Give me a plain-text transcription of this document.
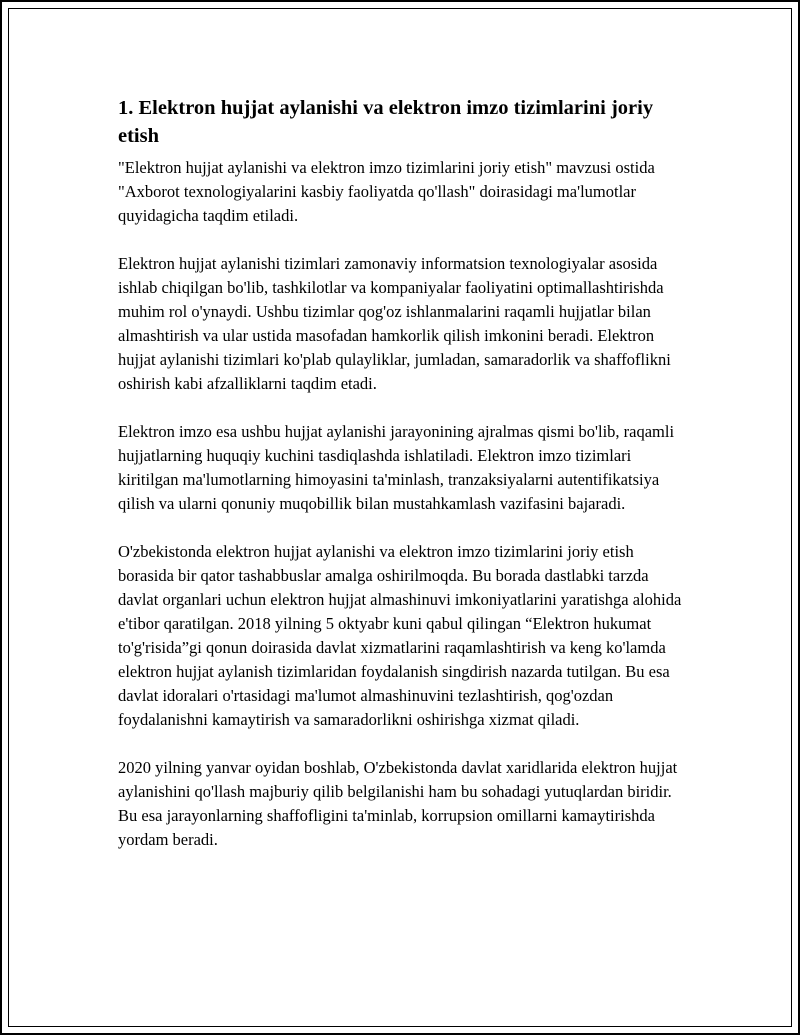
1. Elektron hujjat aylanishi va elektron imzo tizimlarini joriy etish

"Elektron hujjat aylanishi va elektron imzo tizimlarini joriy etish" mavzusi ostida "Axborot texnologiyalarini kasbiy faoliyatda qo'llash" doirasidagi ma'lumotlar quyidagicha taqdim etiladi.

Elektron hujjat aylanishi tizimlari zamonaviy informatsion texnologiyalar asosida ishlab chiqilgan bo'lib, tashkilotlar va kompaniyalar faoliyatini optimallashtirishda muhim rol o'ynaydi. Ushbu tizimlar qog'oz ishlanmalarini raqamli hujjatlar bilan almashtirish va ular ustida masofadan hamkorlik qilish imkonini beradi. Elektron hujjat aylanishi tizimlari ko'plab qulayliklar, jumladan, samaradorlik va shaffoflikni oshirish kabi afzalliklarni taqdim etadi.

Elektron imzo esa ushbu hujjat aylanishi jarayonining ajralmas qismi bo'lib, raqamli hujjatlarning huquqiy kuchini tasdiqlashda ishlatiladi. Elektron imzo tizimlari kiritilgan ma'lumotlarning himoyasini ta'minlash, tranzaksiyalarni autentifikatsiya qilish va ularni qonuniy muqobillik bilan mustahkamlash vazifasini bajaradi.

O'zbekistonda elektron hujjat aylanishi va elektron imzo tizimlarini joriy etish borasida bir qator tashabbuslar amalga oshirilmoqda. Bu borada dastlabki tarzda davlat organlari uchun elektron hujjat almashinuvi imkoniyatlarini yaratishga alohida e'tibor qaratilgan. 2018 yilning 5 oktyabr kuni qabul qilingan “Elektron hukumat to'g'risida”gi qonun doirasida davlat xizmatlarini raqamlashtirish va keng ko'lamda elektron hujjat aylanish tizimlaridan foydalanish singdirish nazarda tutilgan. Bu esa davlat idoralari o'rtasidagi ma'lumot almashinuvini tezlashtirish, qog'ozdan foydalanishni kamaytirish va samaradorlikni oshirishga xizmat qiladi.

2020 yilning yanvar oyidan boshlab, O'zbekistonda davlat xaridlarida elektron hujjat aylanishini qo'llash majburiy qilib belgilanishi ham bu sohadagi yutuqlardan biridir. Bu esa jarayonlarning shaffofligini ta'minlab, korrupsion omillarni kamaytirishda yordam beradi.
